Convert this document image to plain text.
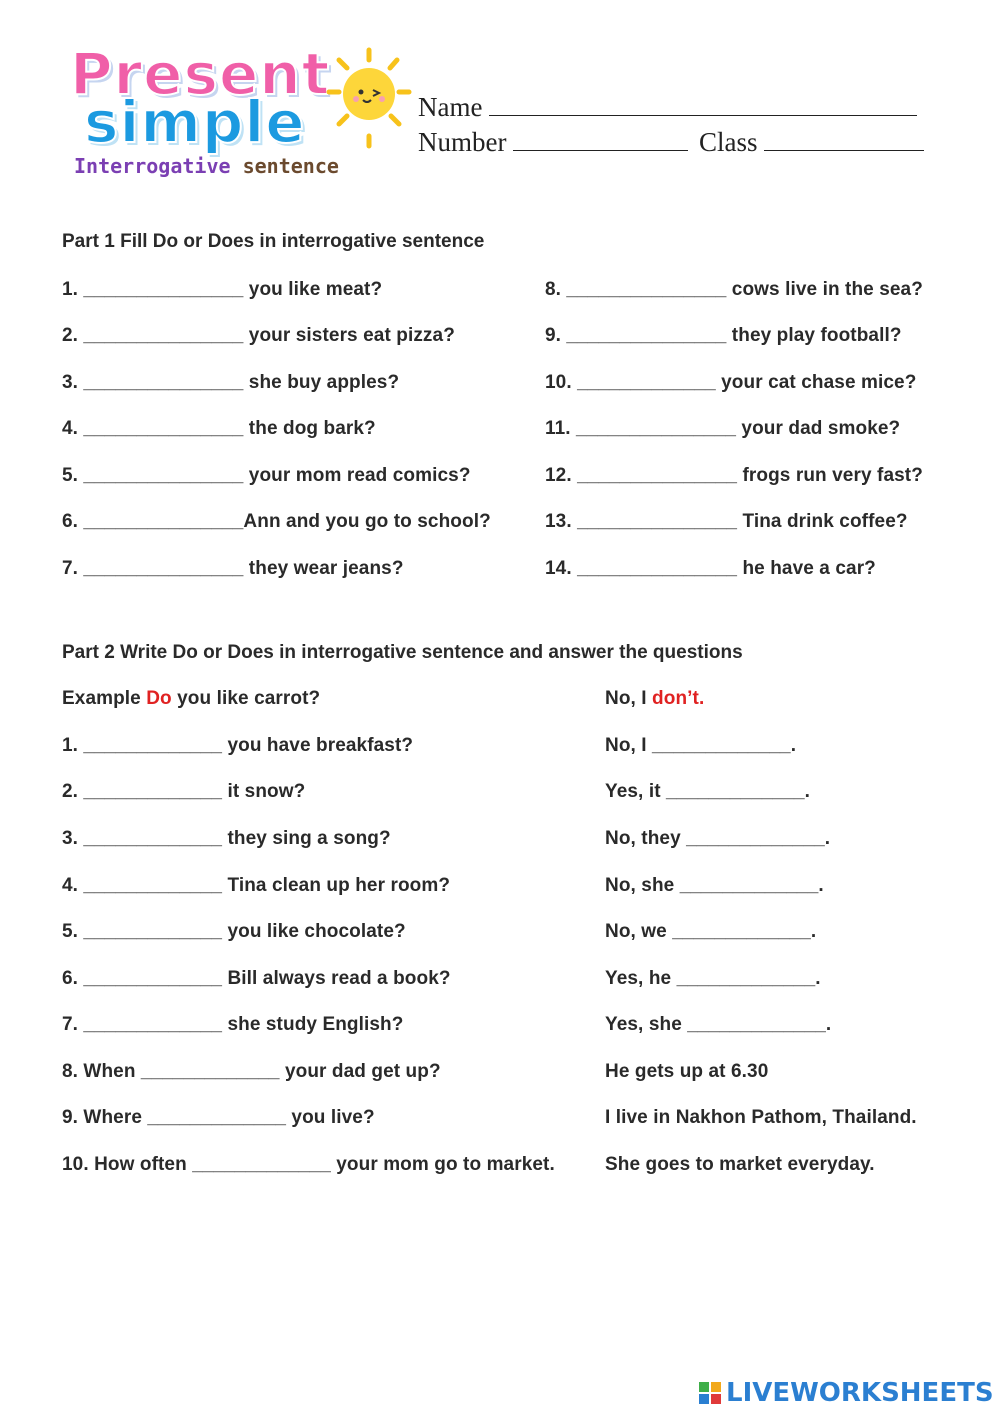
Present
simple
Interrogative sentence
Name
Number	Class
Part 1 Fill Do or Does in interrogative sentence
1. _______________ you like meat?
2. _______________ your sisters eat pizza?
3. _______________ she buy apples?
4. _______________ the dog bark?
5. _______________ your mom read comics?
6. _______________Ann and you go to school?
7. _______________ they wear jeans?
8. _______________ cows live in the sea?
9. _______________ they play football?
10. _____________ your cat chase mice?
11. _______________ your dad smoke?
12. _______________ frogs run very fast?
13. _______________ Tina drink coffee?
14. _______________ he have a car?
Part 2 Write Do or Does in interrogative sentence and answer the questions
Example Do you like carrot?	No, I don’t.
1. _____________ you have breakfast?
2. _____________ it snow?
3. _____________ they sing a song?
4. _____________ Tina clean up her room?
5. _____________ you like chocolate?
6. _____________ Bill always read a book?
7. _____________ she study English?
8. When _____________ your dad get up?
9. Where _____________ you live?
10. How often _____________ your mom go to market.
No, I _____________.
Yes, it _____________.
No, they _____________.
No, she _____________.
No, we _____________.
Yes, he _____________.
Yes, she _____________.
He gets up at 6.30
I live in Nakhon Pathom, Thailand.
She goes to market everyday.
LIVEWORKSHEETS
